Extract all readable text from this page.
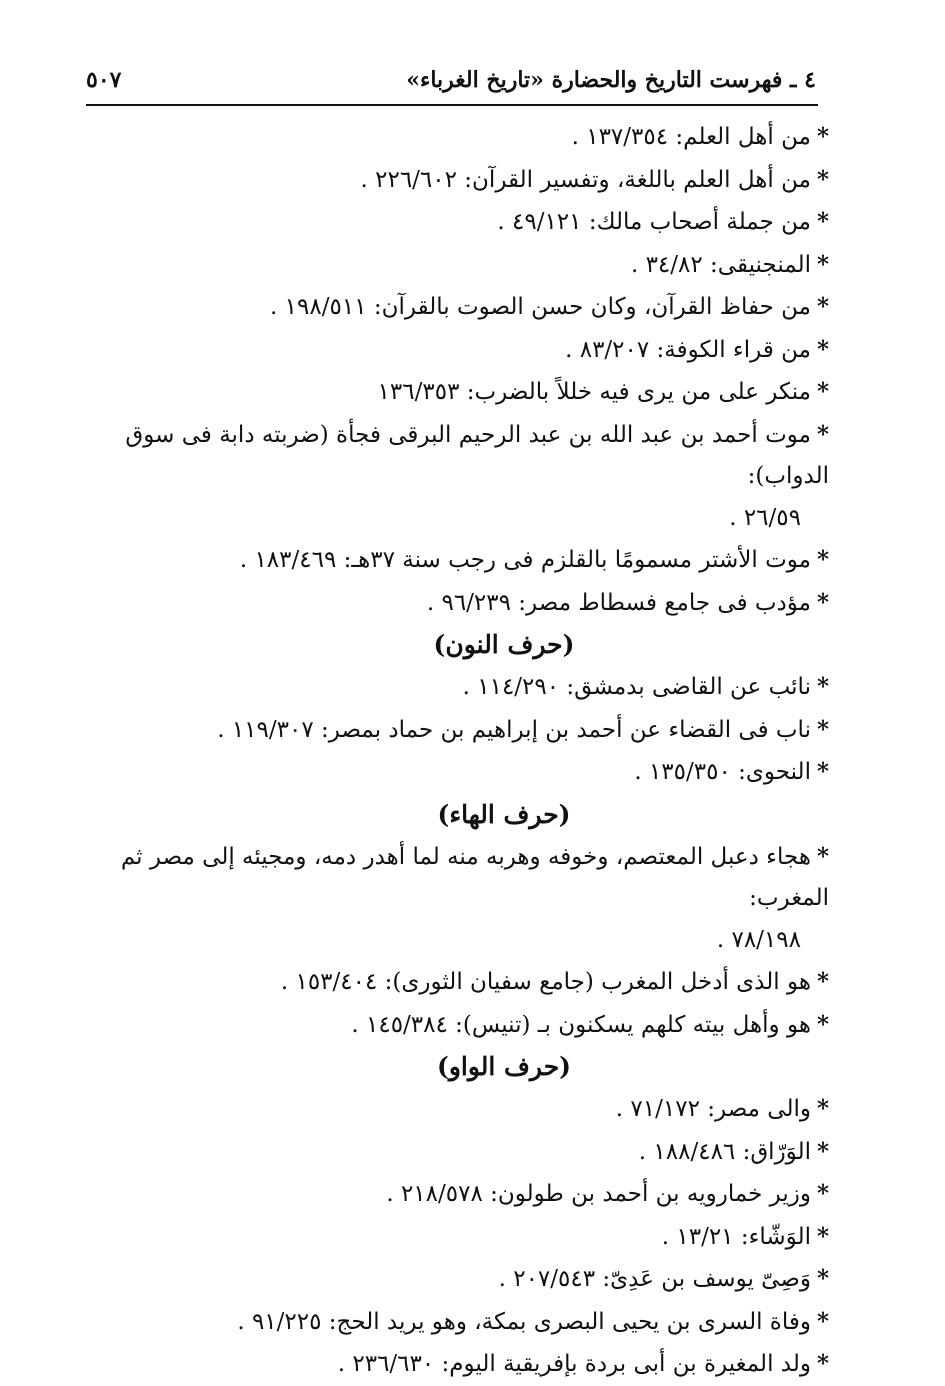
٤ ـ فهرست التاريخ والحضارة «تاريخ الغرباء»
٥٠٧
*من أهل العلم: ١٣٧/٣٥٤ .
*من أهل العلم باللغة، وتفسير القرآن: ٢٢٦/٦٠٢ .
*من جملة أصحاب مالك: ٤٩/١٢١ .
*المنجنيقى: ٣٤/٨٢ .
*من حفاظ القرآن، وكان حسن الصوت بالقرآن: ١٩٨/٥١١ .
*من قراء الكوفة: ٨٣/٢٠٧ .
*منكر على من يرى فيه خللاً بالضرب: ١٣٦/٣٥٣
*موت أحمد بن عبد الله بن عبد الرحيم البرقى فجأة (ضربته دابة فى سوق الدواب):
٢٦/٥٩ .
*موت الأشتر مسمومًا بالقلزم فى رجب سنة ٣٧هـ: ١٨٣/٤٦٩ .
*مؤدب فى جامع فسطاط مصر: ٩٦/٢٣٩ .
(حرف النون)
*نائب عن القاضى بدمشق: ١١٤/٢٩٠ .
*ناب فى القضاء عن أحمد بن إبراهيم بن حماد بمصر: ١١٩/٣٠٧ .
*النحوى: ١٣٥/٣٥٠ .
(حرف الهاء)
*هجاء دعبل المعتصم، وخوفه وهربه منه لما أهدر دمه، ومجيئه إلى مصر ثم المغرب:
٧٨/١٩٨ .
*هو الذى أدخل المغرب (جامع سفيان الثورى): ١٥٣/٤٠٤ .
*هو وأهل بيته كلهم يسكنون بـ (تنيس): ١٤٥/٣٨٤ .
(حرف الواو)
*والى مصر: ٧١/١٧٢ .
*الوَرّاق: ١٨٨/٤٨٦ .
*وزير خمارويه بن أحمد بن طولون: ٢١٨/٥٧٨ .
*الوَشّاء: ١٣/٢١ .
*وَصِىّ يوسف بن عَدِىّ: ٢٠٧/٥٤٣ .
*وفاة السرى بن يحيى البصرى بمكة، وهو يريد الحج: ٩١/٢٢٥ .
*ولد المغيرة بن أبى بردة بإفريقية اليوم: ٢٣٦/٦٣٠ .
